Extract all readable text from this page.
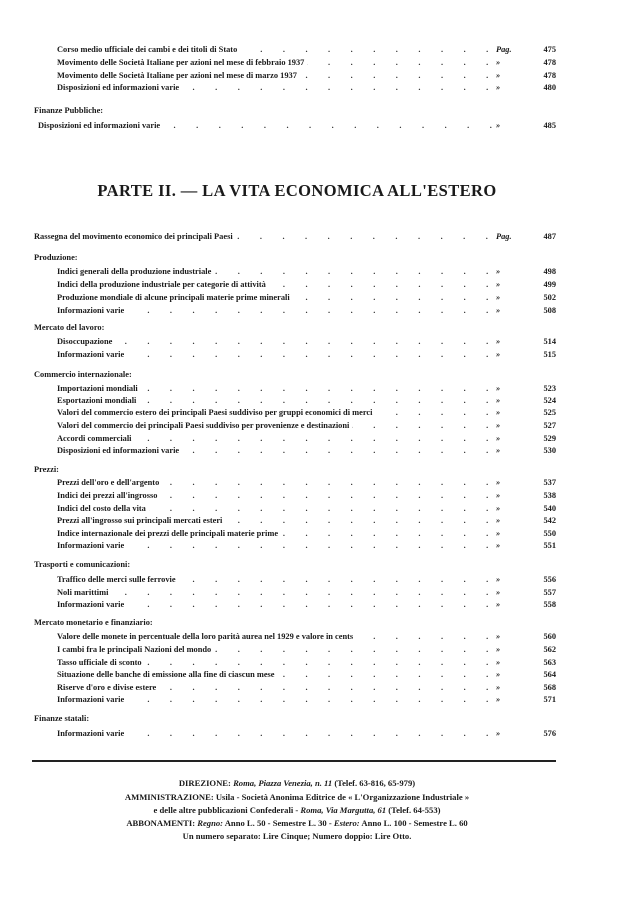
Corso medio ufficiale dei cambi e dei titoli di Stato . . .	Pag.	475
Movimento delle Società Italiane per azioni nel mese di febbraio 1937 . . .	»	478
Movimento delle Società Italiane per azioni nel mese di marzo 1937 . . .	»	478
Disposizioni ed informazioni varie . . .	»	480
Finanze Pubbliche:
Disposizioni ed informazioni varie . . .	»	485
PARTE II. — LA VITA ECONOMICA ALL'ESTERO
Rassegna del movimento economico dei principali Paesi . . .	Pag.	487
Produzione:
Indici generali della produzione industriale . . .	»	498
Indici della produzione industriale per categorie di attività . . .	»	499
Produzione mondiale di alcune principali materie prime minerali . . .	»	502
Informazioni varie . . .	»	508
Mercato del lavoro:
Disoccupazione . . .	»	514
Informazioni varie . . .	»	515
Commercio internazionale:
Importazioni mondiali . . .	»	523
Esportazioni mondiali . . .	»	524
Valori del commercio estero dei principali Paesi suddiviso per gruppi economici di merci . . .	»	525
Valori del commercio dei principali Paesi suddiviso per provenienze e destinazioni . . .	»	527
Accordi commerciali . . .	»	529
Disposizioni ed informazioni varie . . .	»	530
Prezzi:
Prezzi dell'oro e dell'argento . . .	»	537
Indici dei prezzi all'ingrosso . . .	»	538
Indici del costo della vita . . .	»	540
Prezzi all'ingrosso sui principali mercati esteri . . .	»	542
Indice internazionale dei prezzi delle principali materie prime . . .	»	550
Informazioni varie . . .	»	551
Trasporti e comunicazioni:
Traffico delle merci sulle ferrovie . . .	»	556
Noli marittimi . . .	»	557
Informazioni varie . . .	»	558
Mercato monetario e finanziario:
Valore delle monete in percentuale della loro parità aurea nel 1929 e valore in cents . . .	»	560
I cambi fra le principali Nazioni del mondo . . .	»	562
Tasso ufficiale di sconto . . .	»	563
Situazione delle banche di emissione alla fine di ciascun mese . . .	»	564
Riserve d'oro e divise estere . . .	»	568
Informazioni varie . . .	»	571
Finanze statali:
Informazioni varie . . .	»	576
DIREZIONE: Roma, Piazza Venezia, n. 11 (Telef. 63-816, 65-979)
AMMINISTRAZIONE: Usila - Società Anonima Editrice de « L'Organizzazione Industriale »
e delle altre pubblicazioni Confederali - Roma, Via Margutta, 61 (Telef. 64-553)
ABBONAMENTI: Regno: Anno L. 50 - Semestre L. 30 - Estero: Anno L. 100 - Semestre L. 60
Un numero separato: Lire Cinque; Numero doppio: Lire Otto.
